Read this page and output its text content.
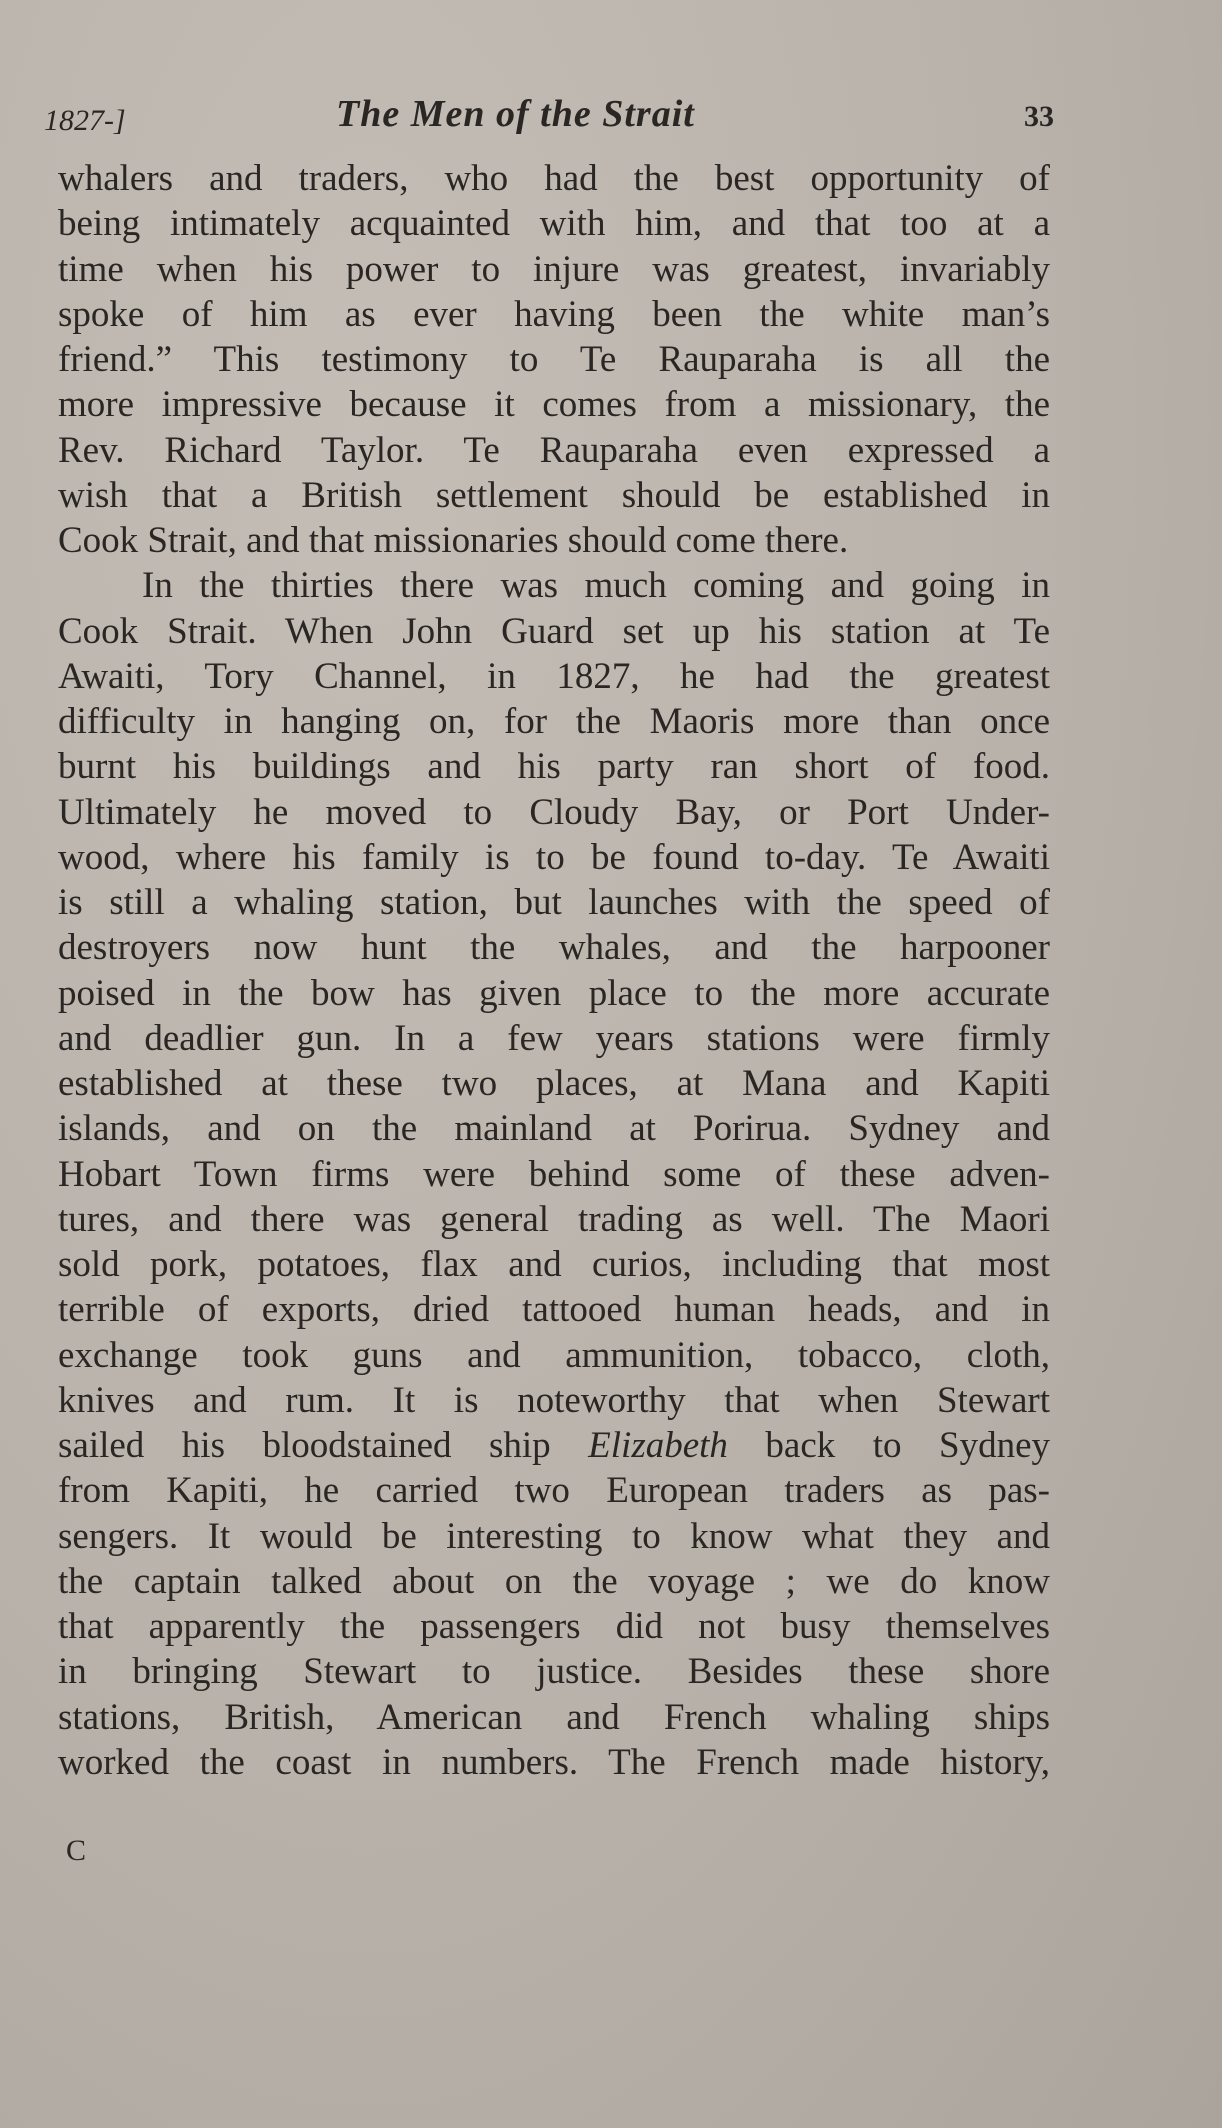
1827-]	The Men of the Strait	33
whalers and traders, who had the best opportunity of
being intimately acquainted with him, and that too at a
time when his power to injure was greatest, invariably
spoke of him as ever having been the white man’s
friend.” This testimony to Te Rauparaha is all the
more impressive because it comes from a missionary, the
Rev. Richard Taylor. Te Rauparaha even expressed a
wish that a British settlement should be established in
Cook Strait, and that missionaries should come there.
In the thirties there was much coming and going in
Cook Strait. When John Guard set up his station at Te
Awaiti, Tory Channel, in 1827, he had the greatest
difficulty in hanging on, for the Maoris more than once
burnt his buildings and his party ran short of food.
Ultimately he moved to Cloudy Bay, or Port Under-
wood, where his family is to be found to-day. Te Awaiti
is still a whaling station, but launches with the speed of
destroyers now hunt the whales, and the harpooner
poised in the bow has given place to the more accurate
and deadlier gun. In a few years stations were firmly
established at these two places, at Mana and Kapiti
islands, and on the mainland at Porirua. Sydney and
Hobart Town firms were behind some of these adven-
tures, and there was general trading as well. The Maori
sold pork, potatoes, flax and curios, including that most
terrible of exports, dried tattooed human heads, and in
exchange took guns and ammunition, tobacco, cloth,
knives and rum. It is noteworthy that when Stewart
sailed his bloodstained ship Elizabeth back to Sydney
from Kapiti, he carried two European traders as pas-
sengers. It would be interesting to know what they and
the captain talked about on the voyage ; we do know
that apparently the passengers did not busy themselves
in bringing Stewart to justice. Besides these shore
stations, British, American and French whaling ships
worked the coast in numbers. The French made history,
C
